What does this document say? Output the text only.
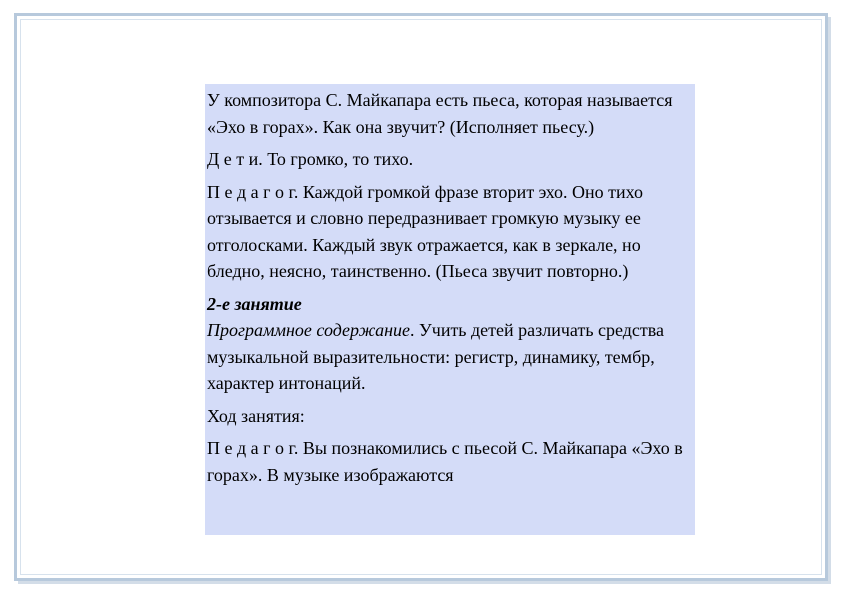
У композитора С. Майкапара есть пьеса, которая называется «Эхо в горах». Как она звучит? (Исполняет пьесу.)

Д е т и. То громко, то тихо.

П е д а г о г. Каждой громкой фразе вторит эхо. Оно тихо отзывается и словно передразнивает громкую музыку ее отголосками. Каждый звук отражается, как в зеркале, но бледно, неясно, таинственно. (Пьеса звучит повторно.)

2-е занятие

Программное содержание. Учить детей различать средства музыкальной выразительности: регистр, динамику, тембр, характер интонаций.

Ход занятия:

П е д а г о г. Вы познакомились с пьесой С. Майкапара «Эхо в горах». В музыке изображаются
